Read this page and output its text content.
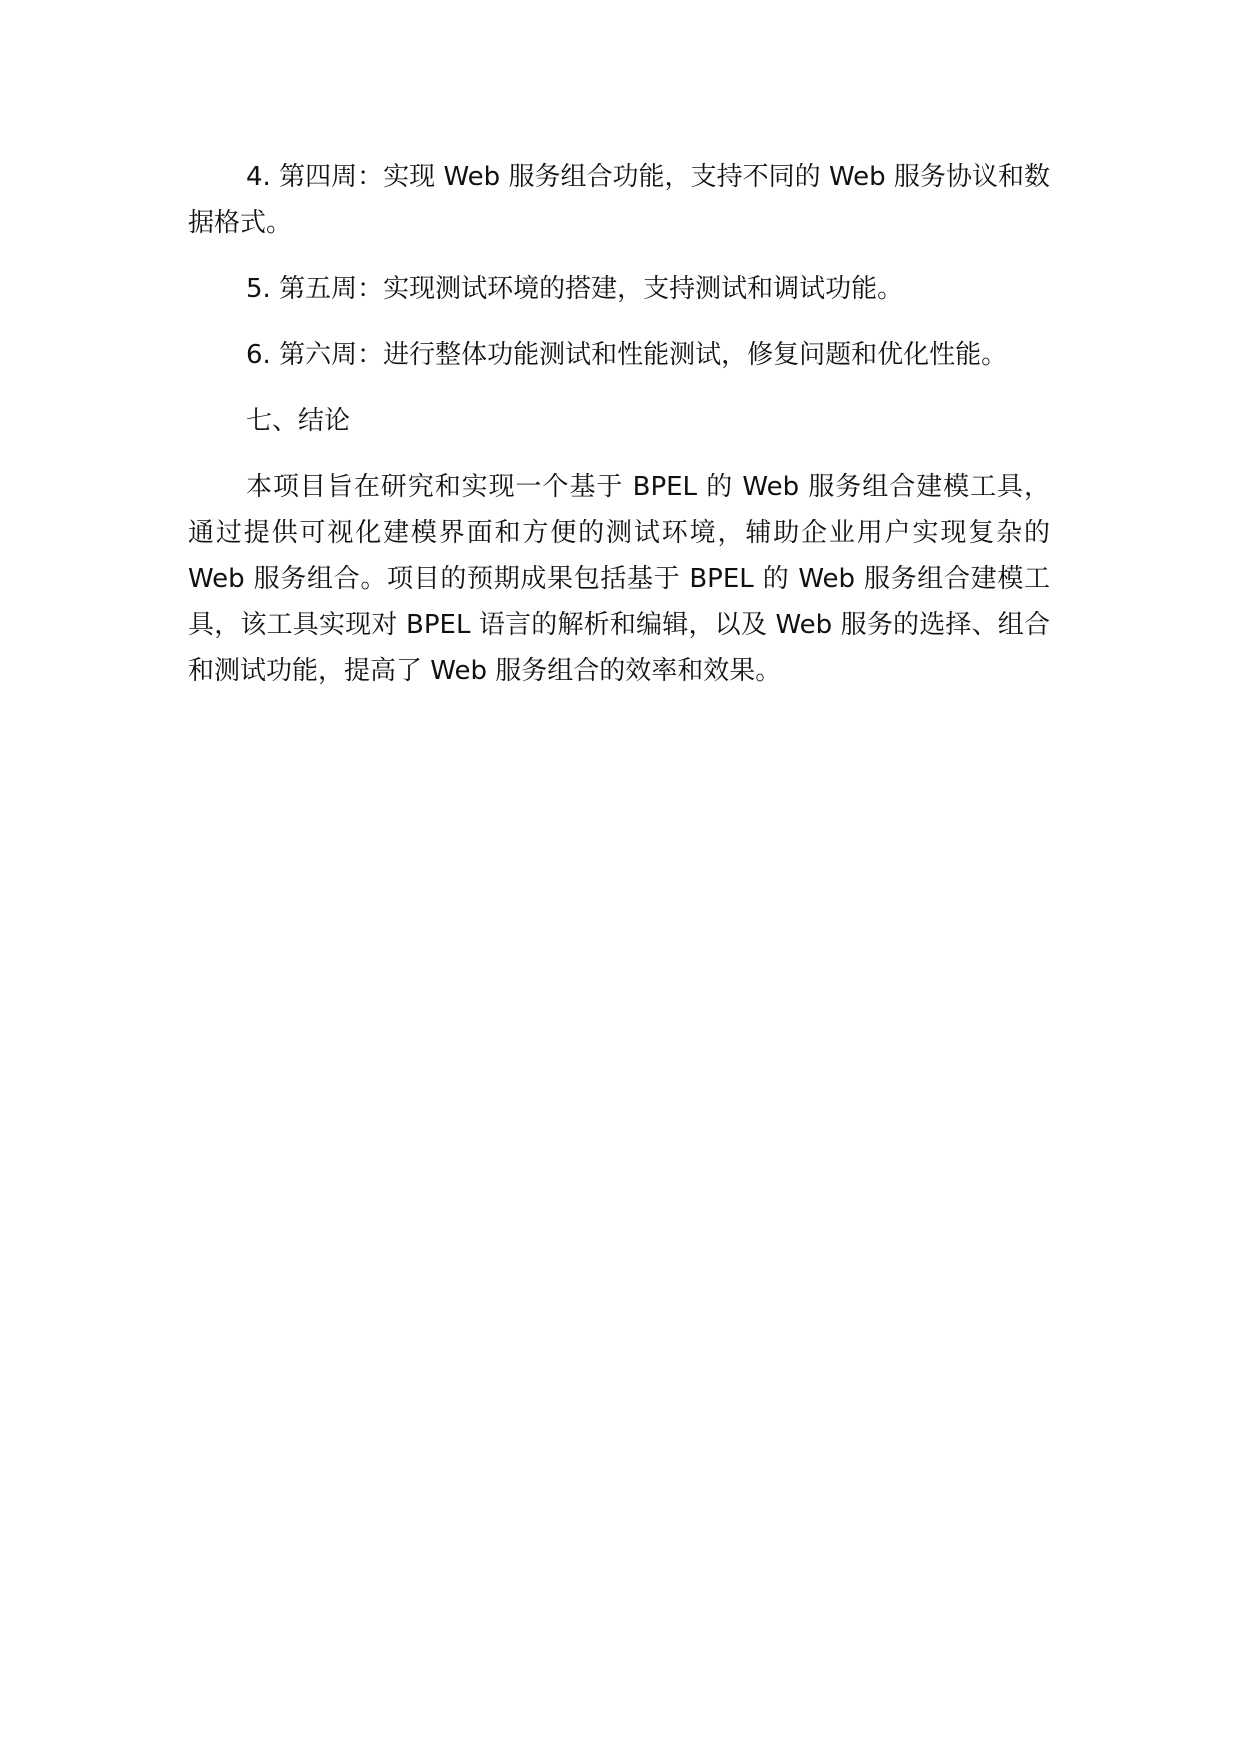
4. 第四周：实现 Web 服务组合功能，支持不同的 Web 服务协议和数据格式。

5. 第五周：实现测试环境的搭建，支持测试和调试功能。

6. 第六周：进行整体功能测试和性能测试，修复问题和优化性能。

七、结论

本项目旨在研究和实现一个基于 BPEL 的 Web 服务组合建模工具，通过提供可视化建模界面和方便的测试环境，辅助企业用户实现复杂的 Web 服务组合。项目的预期成果包括基于 BPEL 的 Web 服务组合建模工具，该工具实现对 BPEL 语言的解析和编辑，以及 Web 服务的选择、组合和测试功能，提高了 Web 服务组合的效率和效果。
